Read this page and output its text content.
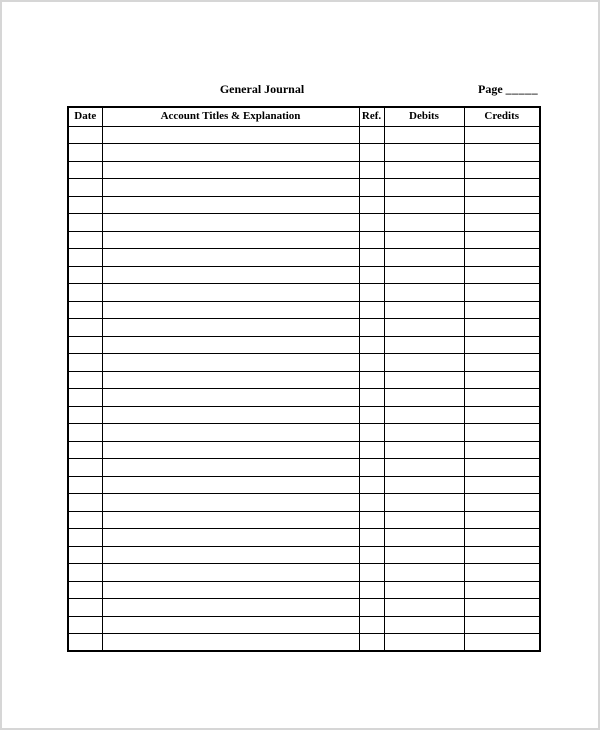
General Journal	Page _____
Date	Account Titles & Explanation	Ref.	Debits	Credits
